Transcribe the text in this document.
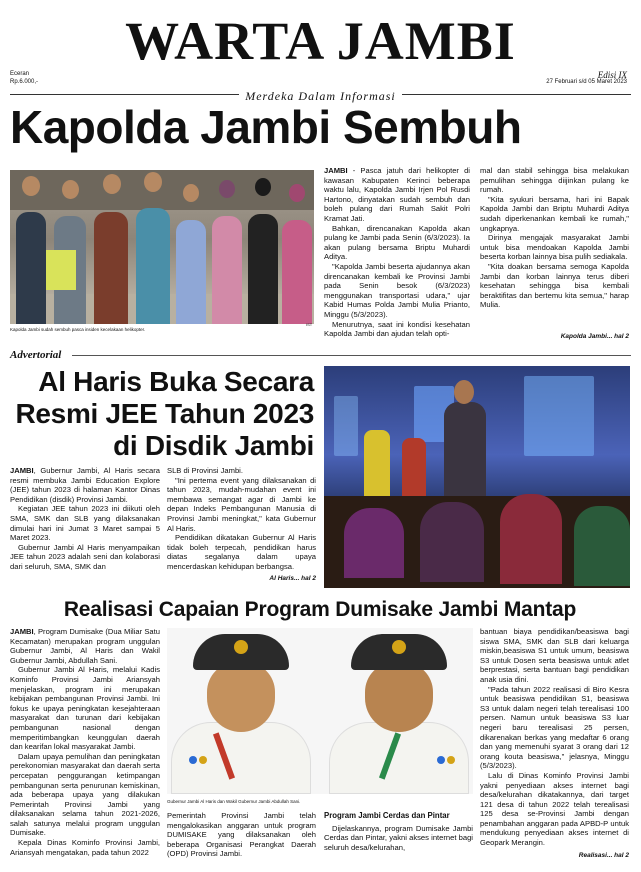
WARTA JAMBI
Eceran
Rp.6.000,-
Edisi IX
27 Februari s/d 05 Maret 2023
Merdeka Dalam Informasi
Kapolda Jambi Sembuh
Kapolda Jambi sudah sembuh pasca insiden kecelakaan helikopter.
IST

JAMBI - Pasca jatuh dari helikopter di kawasan Kabupaten Kerinci beberapa waktu lalu, Kapolda Jambi Irjen Pol Rusdi Hartono, dinyatakan sudah sembuh dan boleh pulang dari Rumah Sakit Polri Kramat Jati.

Bahkan, direncanakan Kapolda akan pulang ke Jambi pada Senin (6/3/2023). Ia akan pulang bersama Briptu Muhardi Aditya.

"Kapolda Jambi beserta ajudannya akan direncanakan kembali ke Provinsi Jambi pada Senin besok (6/3/2023) menggunakan transportasi udara," ujar Kabid Humas Polda Jambi Mulia Prianto, Minggu (5/3/2023).

Menurutnya, saat ini kondisi kesehatan Kapolda Jambi dan ajudan telah opti-

mal dan stabil sehingga bisa melakukan pemulihan sehingga diijinkan pulang ke rumah.

"Kita syukuri bersama, hari ini Bapak Kapolda Jambi dan Briptu Muhardi Aditya sudah diperkenankan kembali ke rumah," ungkapnya.

Dirinya mengajak masyarakat Jambi untuk bisa mendoakan Kapolda Jambi beserta korban lainnya bisa pulih sediakala.

"Kita doakan bersama semoga Kapolda Jambi dan korban lainnya terus diberi kesehatan sehingga bisa kembali beraktifitas dan bertemu kita semua," harap Mulia.

Kapolda Jambi... hal 2
Advertorial
Al Haris Buka Secara Resmi JEE Tahun 2023 di Disdik Jambi

JAMBI, Gubernur Jambi, Al Haris secara resmi membuka Jambi Education Explore (JEE) tahun 2023 di halaman Kantor Dinas Pendidikan (disdik) Provinsi Jambi.

Kegiatan JEE tahun 2023 ini diikuti oleh SMA, SMK dan SLB yang dilaksanakan dimulai hari ini Jumat 3 Maret sampai 5 Maret 2023.

Gubernur Jambi Al Haris menyampaikan JEE tahun 2023 adalah seni dan kolaborasi dari seluruh, SMA, SMK dan

SLB di Provinsi Jambi.

"Ini pertema event yang dilaksanakan di tahun 2023, mudah-mudahan event ini membawa semangat agar di Jambi ke depan Indeks Pembangunan Manusia di Provinsi Jambi meningkat," kata Gubernur Al Haris.

Pendidikan dikatakan Gubernur Al Haris tidak boleh terpecah, pendidikan harus diatas segalanya dalam upaya mencerdaskan kehidupan berbangsa.

Al Haris... hal 2
Realisasi Capaian Program Dumisake Jambi Mantap

JAMBI, Program Dumisake (Dua Miliar Satu Kecamatan) merupakan program unggulan Gubernur Jambi, Al Haris dan Wakil Gubernur Jambi, Abdullah Sani.

Gubernur Jambi Al Haris, melalui Kadis Kominfo Provinsi Jambi Ariansyah menjelaskan, program ini merupakan kebijakan pembangunan Provinsi Jambi. Ini fokus ke upaya peningkatan kesejahteraan masyarakat dan turunan dari kebijakan pembangunan nasional dengan memperitimbangkan keunggulan daerah dan kearifan lokal masyarakat Jambi.

Dalam upaya pemulihan dan peningkatan perekonomian masyarakat dan daerah serta percepatan penggurangan ketimpangan pembangunan serta penurunan kemiskinan, ada beberapa upaya yang dilakukan Pemerintah Provinsi Jambi yang dilaksanakan selama tahun 2021-2026, salah satunya melalui program unggulan Dumisake.

Kepala Dinas Kominfo Provinsi Jambi, Ariansyah mengatakan, pada tahun 2022

Gubernur Jambi Al Haris dan Wakil Gubernur Jambi Abdullah Sani.

Pemerintah Provinsi Jambi telah mengalokasikan anggaran untuk program DUMISAKE yang dilaksanakan oleh beberapa Organisasi Perangkat Daerah (OPD) Provinsi Jambi.

Program Jambi Cerdas dan Pintar

Dijelaskannya, program Dumisake Jambi Cerdas dan Pintar, yakni akses internet bagi seluruh desa/kelurahan,

bantuan biaya pendidikan/beasiswa bagi siswa SMA, SMK dan SLB dari keluarga miskin,beasiswa S1 untuk umum, beasiswa S3 untuk Dosen serta beasiswa untuk atlet berprestasi, serta bantuan bagi pendidikan anak usia dini.

"Pada tahun 2022 realisasi di Biro Kesra untuk beasiswa pendidikan S1, beasiswa S3 untuk dalam negeri telah terealisasi 100 persen. Namun untuk beasiswa S3 luar negeri baru terealisasi 25 persen, dikarenakan berkas yang medaftar 6 orang dan yang memenuhi syarat 3 orang dari 12 orang kouta beasiswa," jelasnya, Minggu (5/3/2023).

Lalu di Dinas Kominfo Provinsi Jambi yakni penyediaan akses internet bagi desa/kelurahan dikatakannya, dari target 121 desa di tahun 2022 telah terealisasi 125 desa se-Provinsi Jambi dengan penambahan anggaran pada APBD-P untuk mendukung penyediaan akses internet di Geopark Merangin.

Realisasi... hal 2
